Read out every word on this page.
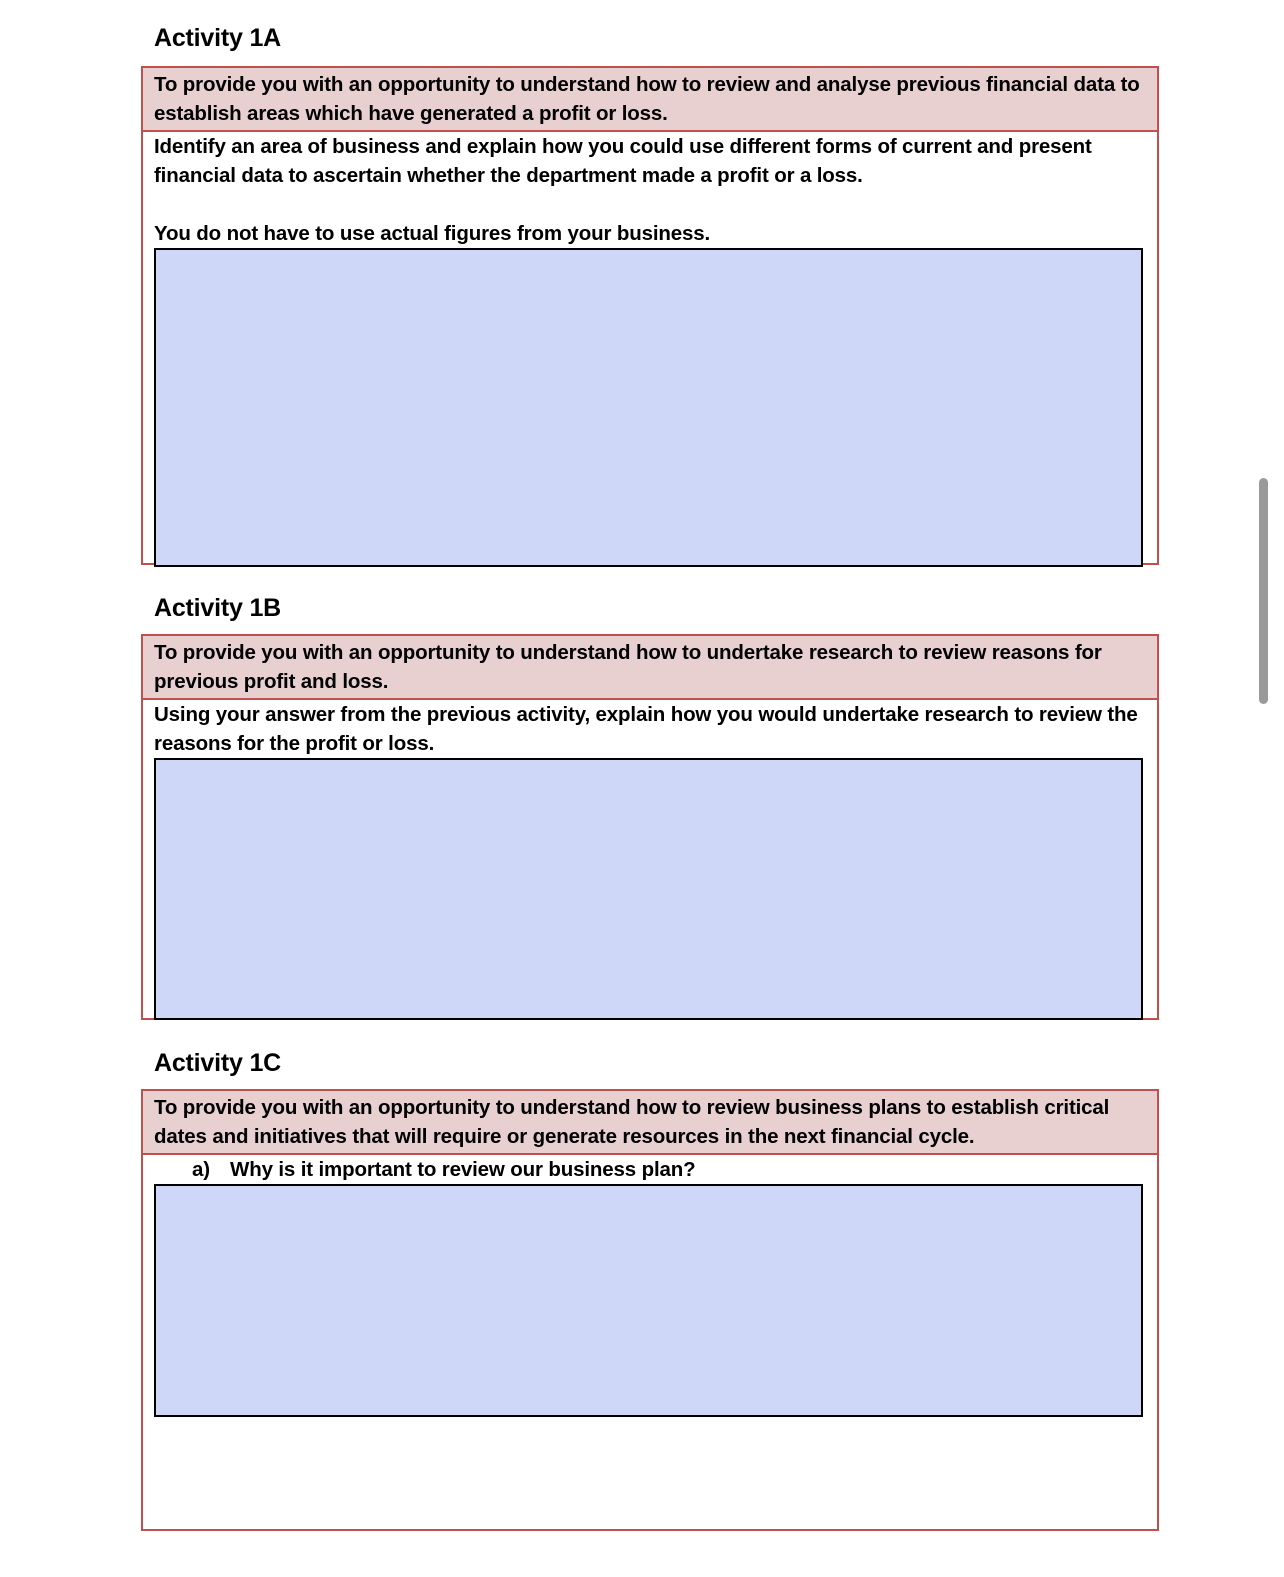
Activity 1A
To provide you with an opportunity to understand how to review and analyse previous financial data to establish areas which have generated a profit or loss.

Identify an area of business and explain how you could use different forms of current and present financial data to ascertain whether the department made a profit or a loss.

You do not have to use actual figures from your business.

Activity 1B
To provide you with an opportunity to understand how to undertake research to review reasons for previous profit and loss.

Using your answer from the previous activity, explain how you would undertake research to review the reasons for the profit or loss.

Activity 1C
To provide you with an opportunity to understand how to review business plans to establish critical dates and initiatives that will require or generate resources in the next financial cycle.
a) Why is it important to review our business plan?
